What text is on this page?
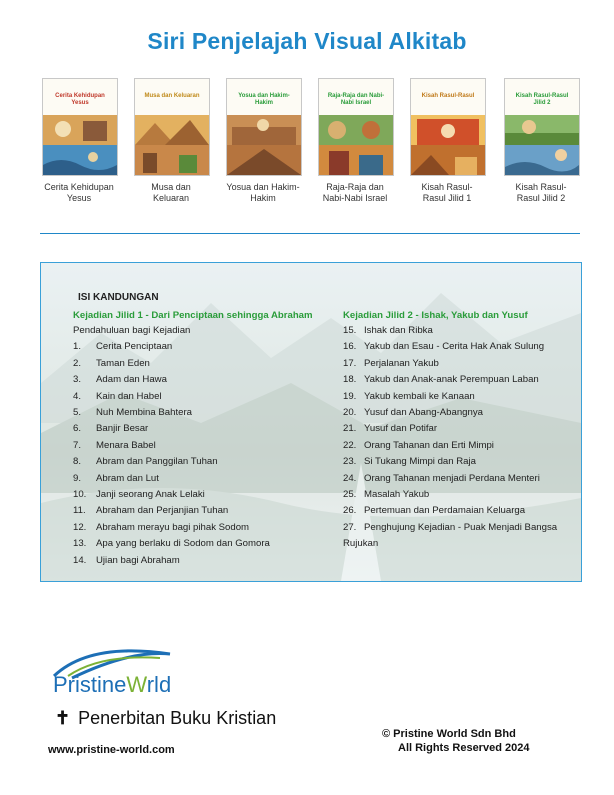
Siri Penjelajah Visual Alkitab
Cerita Kehidupan Yesus
Cerita Kehidupan Yesus
Musa dan Keluaran
Musa dan Keluaran
Yosua dan Hakim-Hakim
Yosua dan Hakim-Hakim
Raja-Raja dan Nabi-Nabi Israel
Raja-Raja dan Nabi-Nabi Israel
Kisah Rasul-Rasul
Kisah Rasul-Rasul Jilid 1
Kisah Rasul-Rasul Jilid 2
Kisah Rasul-Rasul Jilid 2
ISI KANDUNGAN
Kejadian Jilid 1 - Dari Penciptaan sehingga Abraham
Pendahuluan bagi Kejadian
1. Cerita Penciptaan
2. Taman Eden
3. Adam dan Hawa
4. Kain dan Habel
5. Nuh Membina Bahtera
6. Banjir Besar
7. Menara Babel
8. Abram dan Panggilan Tuhan
9. Abram dan Lut
10. Janji seorang Anak Lelaki
11. Abraham dan Perjanjian Tuhan
12. Abraham merayu bagi pihak Sodom
13. Apa yang berlaku di Sodom dan Gomora
14. Ujian bagi Abraham
Kejadian Jilid 2 - Ishak, Yakub dan Yusuf
15. Ishak dan Ribka
16. Yakub dan Esau - Cerita Hak Anak Sulung
17. Perjalanan Yakub
18. Yakub dan Anak-anak Perempuan Laban
19. Yakub kembali ke Kanaan
20. Yusuf dan Abang-Abangnya
21. Yusuf dan Potifar
22. Orang Tahanan dan Erti Mimpi
23. Si Tukang Mimpi dan Raja
24. Orang Tahanan menjadi Perdana Menteri
25. Masalah Yakub
26. Pertemuan dan Perdamaian Keluarga
27. Penghujung Kejadian - Puak Menjadi Bangsa
Rujukan
PristineWrld
✝ Penerbitan Buku Kristian
www.pristine-world.com
© Pristine World Sdn Bhd
All Rights Reserved 2024
